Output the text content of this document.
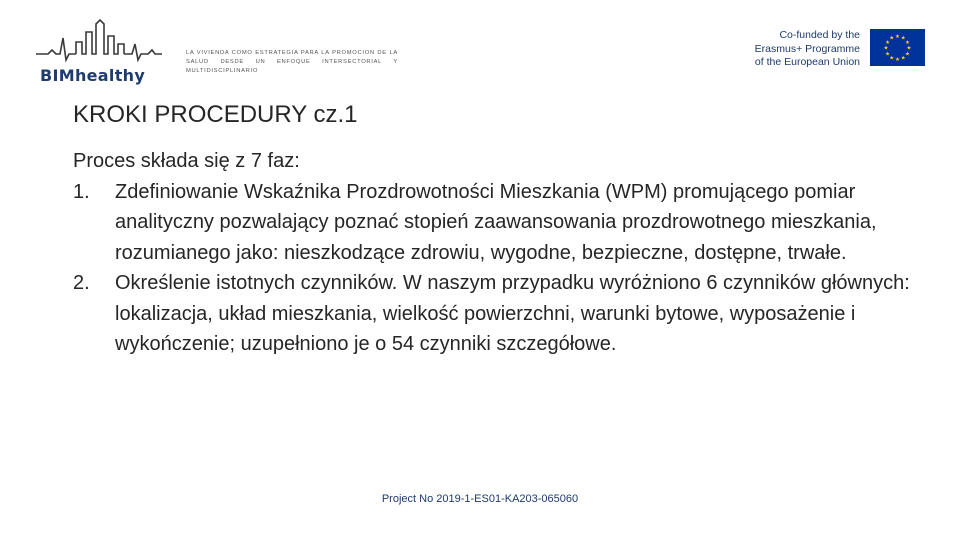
BIMhealthy
LA VIVIENDA COMO ESTRATEGIA PARA LA PROMOCION DE LA SALUD DESDE UN ENFOQUE INTERSECTORIAL Y MULTIDISCIPLINARIO
Co-funded by the
Erasmus+ Programme
of the European Union
★
★
★
★
★
★
★
★
★ ★ ★
★
KROKI PROCEDURY cz.1
Proces składa się z 7 faz:
1. Zdefiniowanie Wskaźnika Prozdrowotności Mieszkania (WPM) promującego pomiar analityczny pozwalający poznać stopień zaawansowania prozdrowotnego mieszkania, rozumianego jako: nieszkodzące zdrowiu, wygodne, bezpieczne, dostępne, trwałe.
2. Określenie istotnych czynników. W naszym przypadku wyróżniono 6 czynników głównych: lokalizacja, układ mieszkania, wielkość powierzchni, warunki bytowe, wyposażenie i wykończenie; uzupełniono je o 54 czynniki szczegółowe.
Project No 2019-1-ES01-KA203-065060
